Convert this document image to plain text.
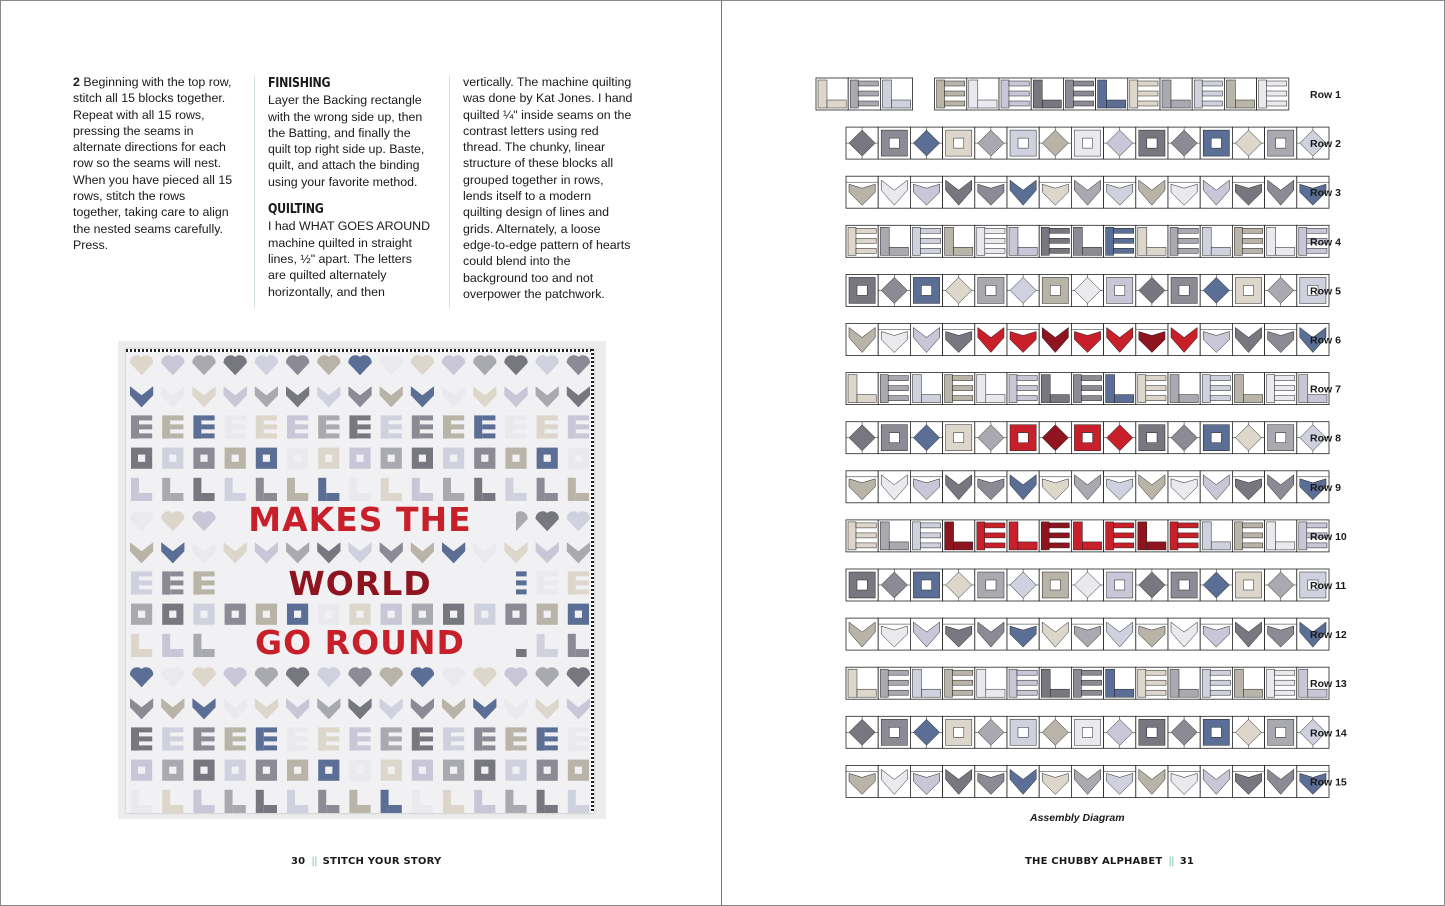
2 Beginning with the top row, stitch all 15 blocks together. Repeat with all 15 rows, pressing the seams in alternate directions for each row so the seams will nest. When you have pieced all 15 rows, stitch the rows together, taking care to align the nested seams carefully. Press.

FINISHING

Layer the Backing rectangle with the wrong side up, then the Batting, and finally the quilt top right side up. Baste, quilt, and attach the binding using your favorite method.

QUILTING

I had WHAT GOES AROUND machine quilted in straight lines, ½" apart. The letters are quilted alternately horizontally, and then

vertically. The machine quilting was done by Kat Jones. I hand quilted ¼" inside seams on the contrast letters using red thread. The chunky, linear structure of these blocks all grouped together in rows, lends itself to a modern quilting design of lines and grids. Alternately, a loose edge-to-edge pattern of hearts could blend into the background too and not overpower the patchwork.

MAKES THE
WORLD
GO ROUND
Row 1
Row 2
Row 3
Row 4
Row 5
Row 6
Row 7
Row 8
Row 9
Row 10
Row 11
Row 12
Row 13
Row 14
Row 15
Assembly Diagram
30 || STITCH YOUR STORY	THE CHUBBY ALPHABET || 31
